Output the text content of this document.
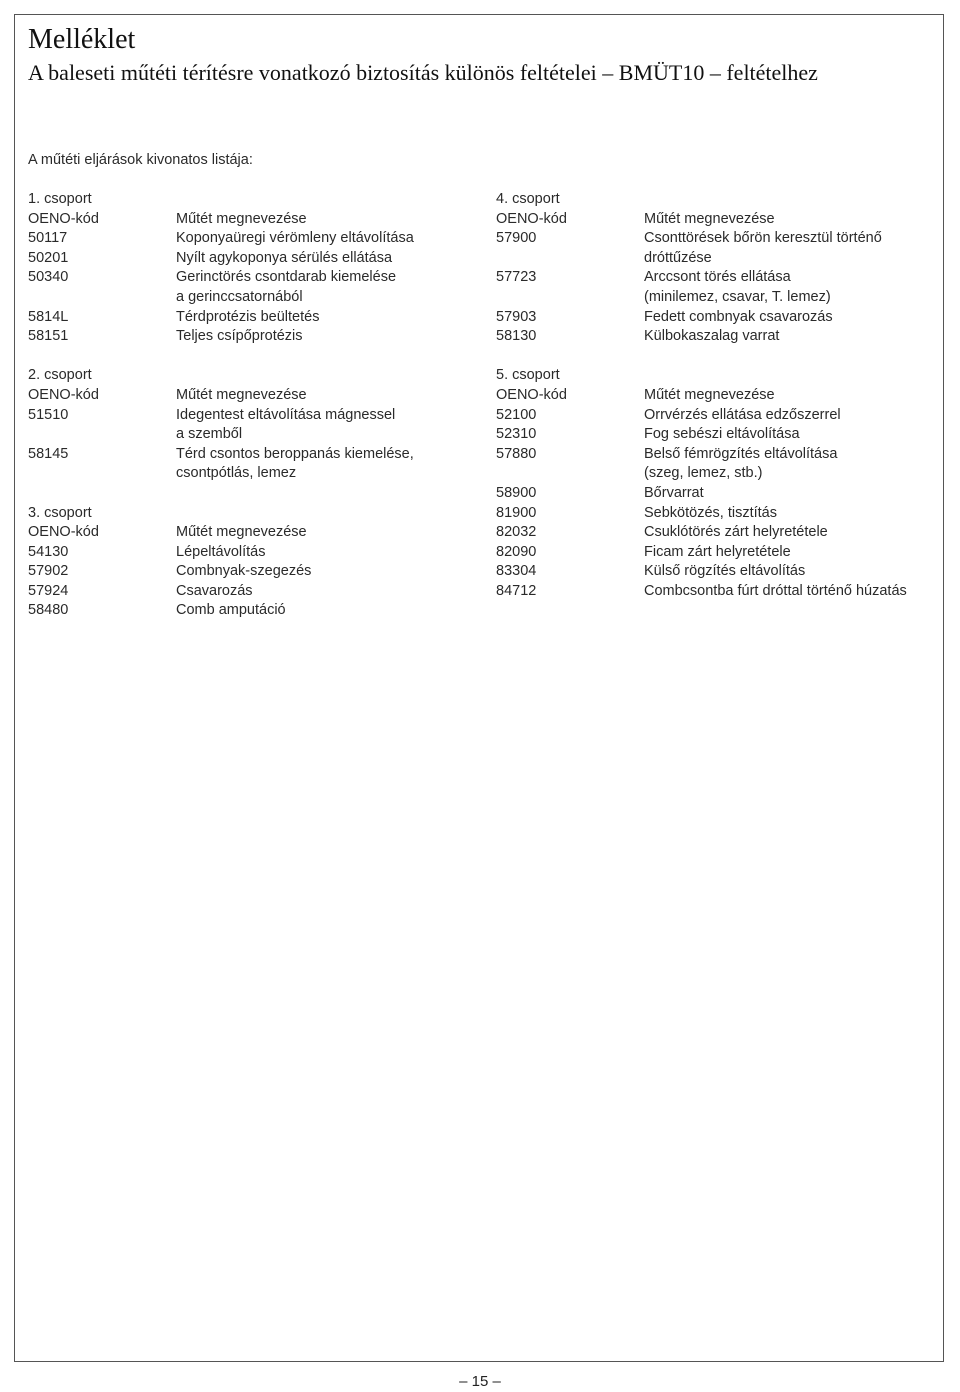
Melléklet
A baleseti műtéti térítésre vonatkozó biztosítás különös feltételei – BMÜT10 – feltételhez
A műtéti eljárások kivonatos listája:
1. csoport
OENO-kód	Műtét megnevezése
50117	Koponyaüregi vérömleny eltávolítása
50201	Nyílt agykoponya sérülés ellátása
50340	Gerinctörés csontdarab kiemelése
a gerinccsatornából
5814L	Térdprotézis beültetés
58151	Teljes csípőprotézis
2. csoport
OENO-kód	Műtét megnevezése
51510	Idegentest eltávolítása mágnessel
a szemből
58145	Térd csontos beroppanás kiemelése,
csontpótlás, lemez
3. csoport
OENO-kód	Műtét megnevezése
54130	Lépeltávolítás
57902	Combnyak-szegezés
57924	Csavarozás
58480	Comb amputáció
4. csoport
OENO-kód	Műtét megnevezése
57900	Csonttörések bőrön keresztül történő
dróttűzése
57723	Arccsont törés ellátása
(minilemez, csavar, T. lemez)
57903	Fedett combnyak csavarozás
58130	Külbokaszalag varrat
5. csoport
OENO-kód	Műtét megnevezése
52100	Orrvérzés ellátása edzőszerrel
52310	Fog sebészi eltávolítása
57880	Belső fémrögzítés eltávolítása
(szeg, lemez, stb.)
58900	Bőrvarrat
81900	Sebkötözés, tisztítás
82032	Csuklótörés zárt helyretétele
82090	Ficam zárt helyretétele
83304	Külső rögzítés eltávolítás
84712	Combcsontba fúrt dróttal történő húzatás
– 15 –
